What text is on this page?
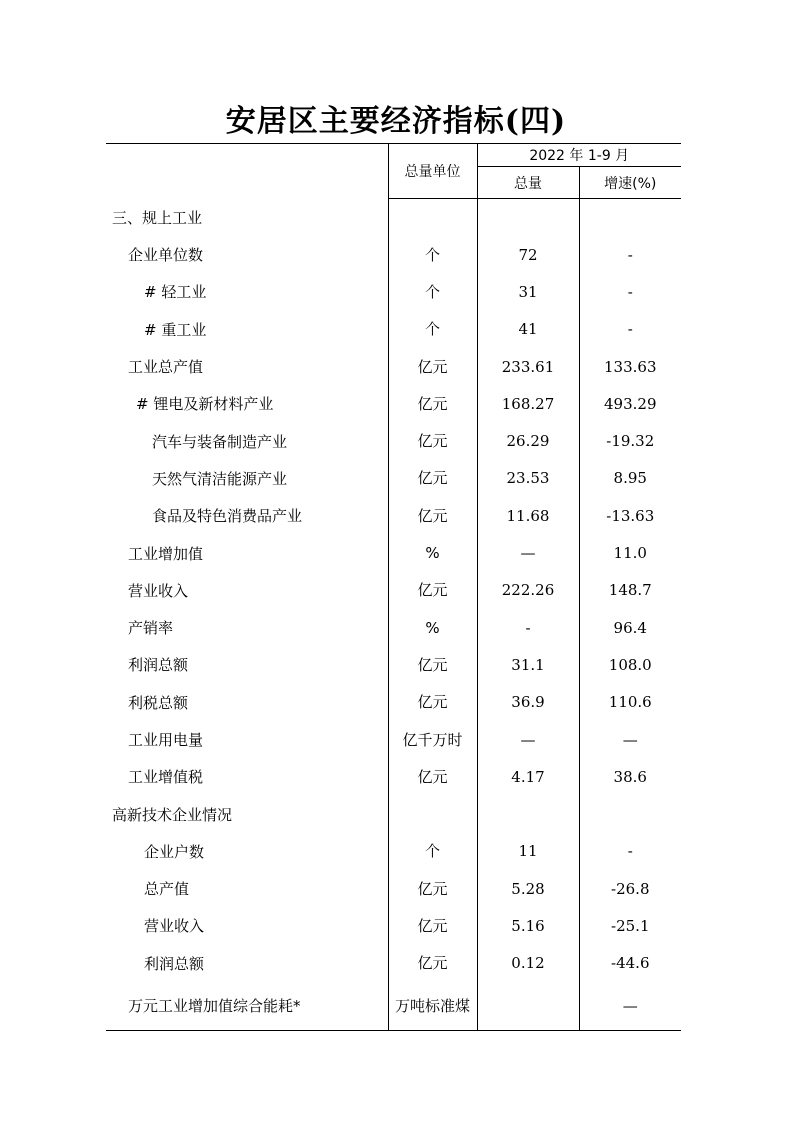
安居区主要经济指标(四)
	总量单位	2022 年 1-9 月	
		总量	增速(%)
三、规上工业			
企业单位数	个	72	-
# 轻工业	个	31	-
# 重工业	个	41	-
工业总产值	亿元	233.61	133.63
# 锂电及新材料产业	亿元	168.27	493.29
汽车与装备制造产业	亿元	26.29	-19.32
天然气清洁能源产业	亿元	23.53	8.95
食品及特色消费品产业	亿元	11.68	-13.63
工业增加值	%	—	11.0
营业收入	亿元	222.26	148.7
产销率	%	-	96.4
利润总额	亿元	31.1	108.0
利税总额	亿元	36.9	110.6
工业用电量	亿千万时	—	—
工业增值税	亿元	4.17	38.6
高新技术企业情况			
企业户数	个	11	-
总产值	亿元	5.28	-26.8
营业收入	亿元	5.16	-25.1
利润总额	亿元	0.12	-44.6
万元工业增加值综合能耗*	万吨标准煤		—
